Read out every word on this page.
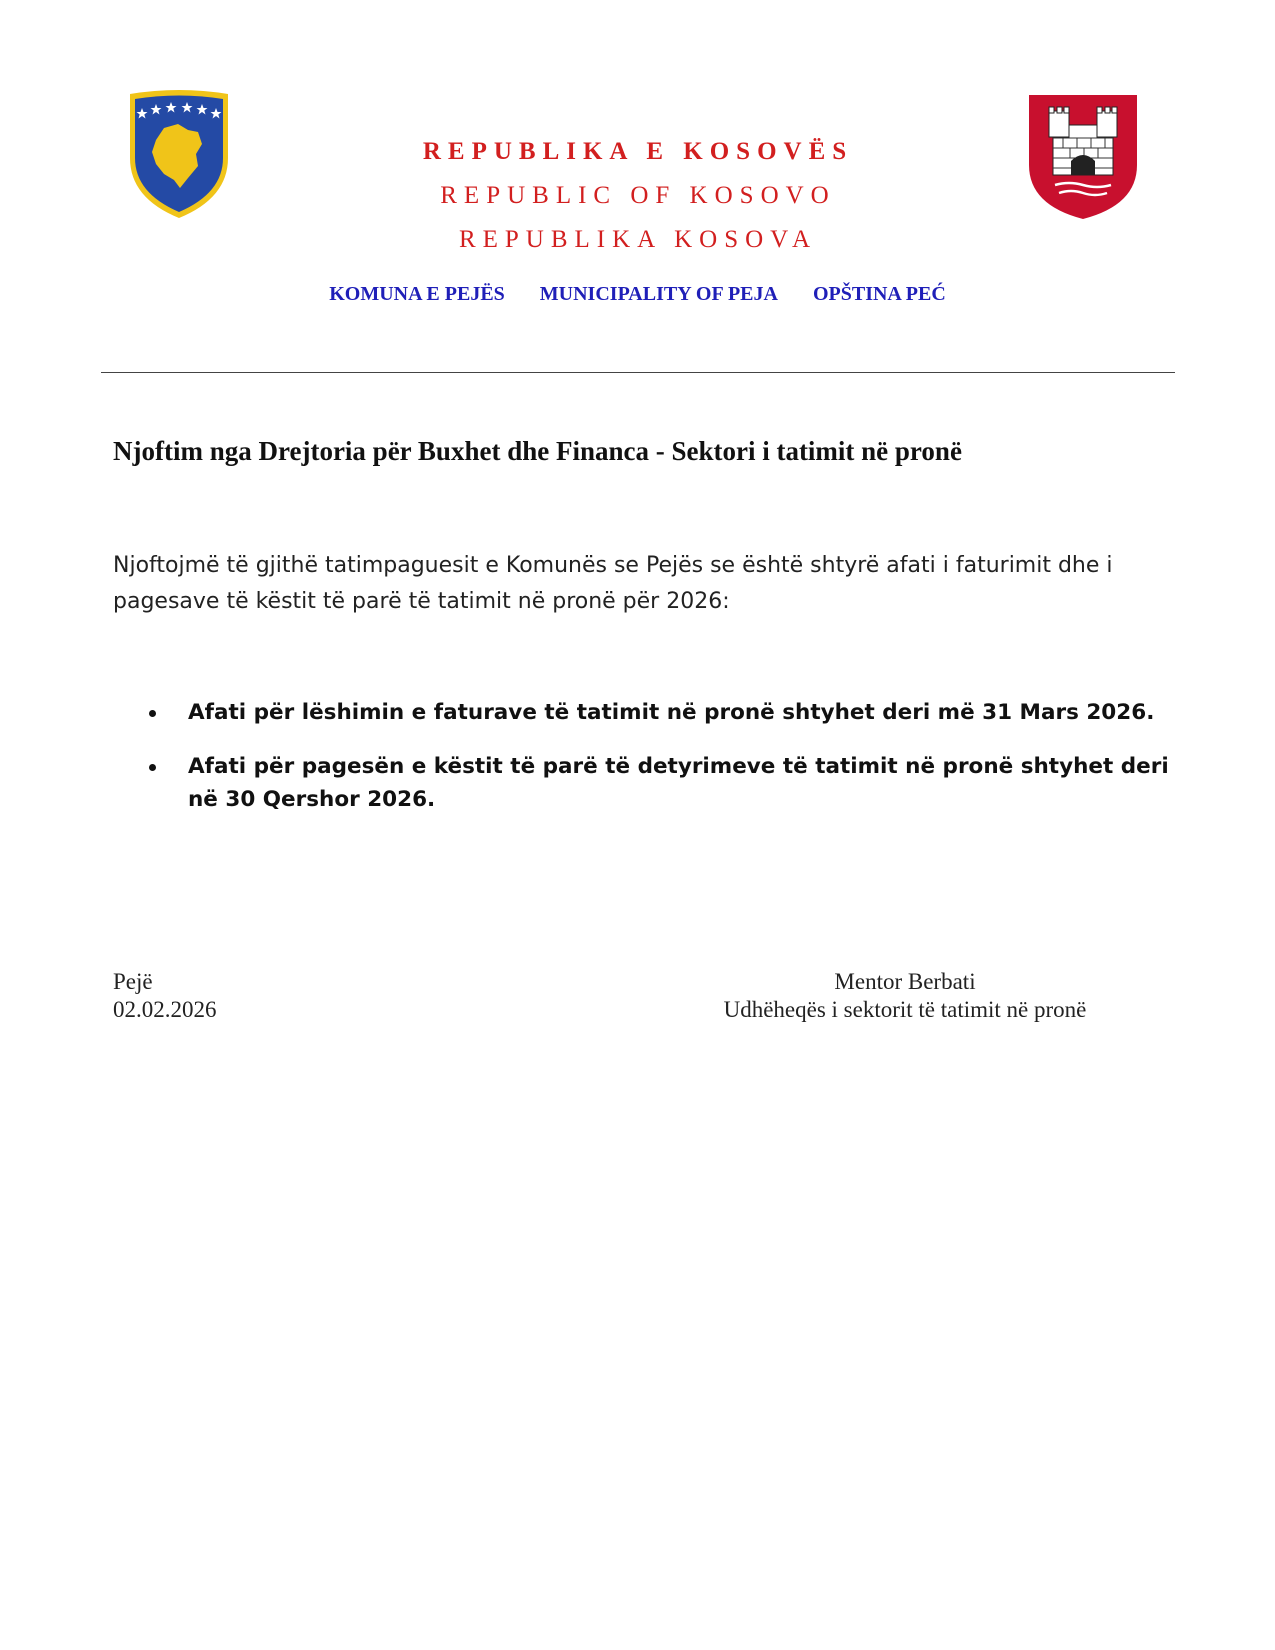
REPUBLIKA E KOSOVËS
REPUBLIC OF KOSOVO
REPUBLIKA KOSOVA
KOMUNA E PEJËS MUNICIPALITY OF PEJA OPŠTINA PEĆ
Njoftim nga Drejtoria për Buxhet dhe Financa - Sektori i tatimit në pronë
Njoftojmë të gjithë tatimpaguesit e Komunës se Pejës se është shtyrë afati i faturimit dhe i pagesave të këstit të parë të tatimit në pronë për 2026:
Afati për lëshimin e faturave të tatimit në pronë shtyhet deri më 31 Mars 2026.
Afati për pagesën e këstit të parë të detyrimeve të tatimit në pronë shtyhet deri në 30 Qershor 2026.
Pejë
02.02.2026
Mentor Berbati
Udhëheqës i sektorit të tatimit në pronë
